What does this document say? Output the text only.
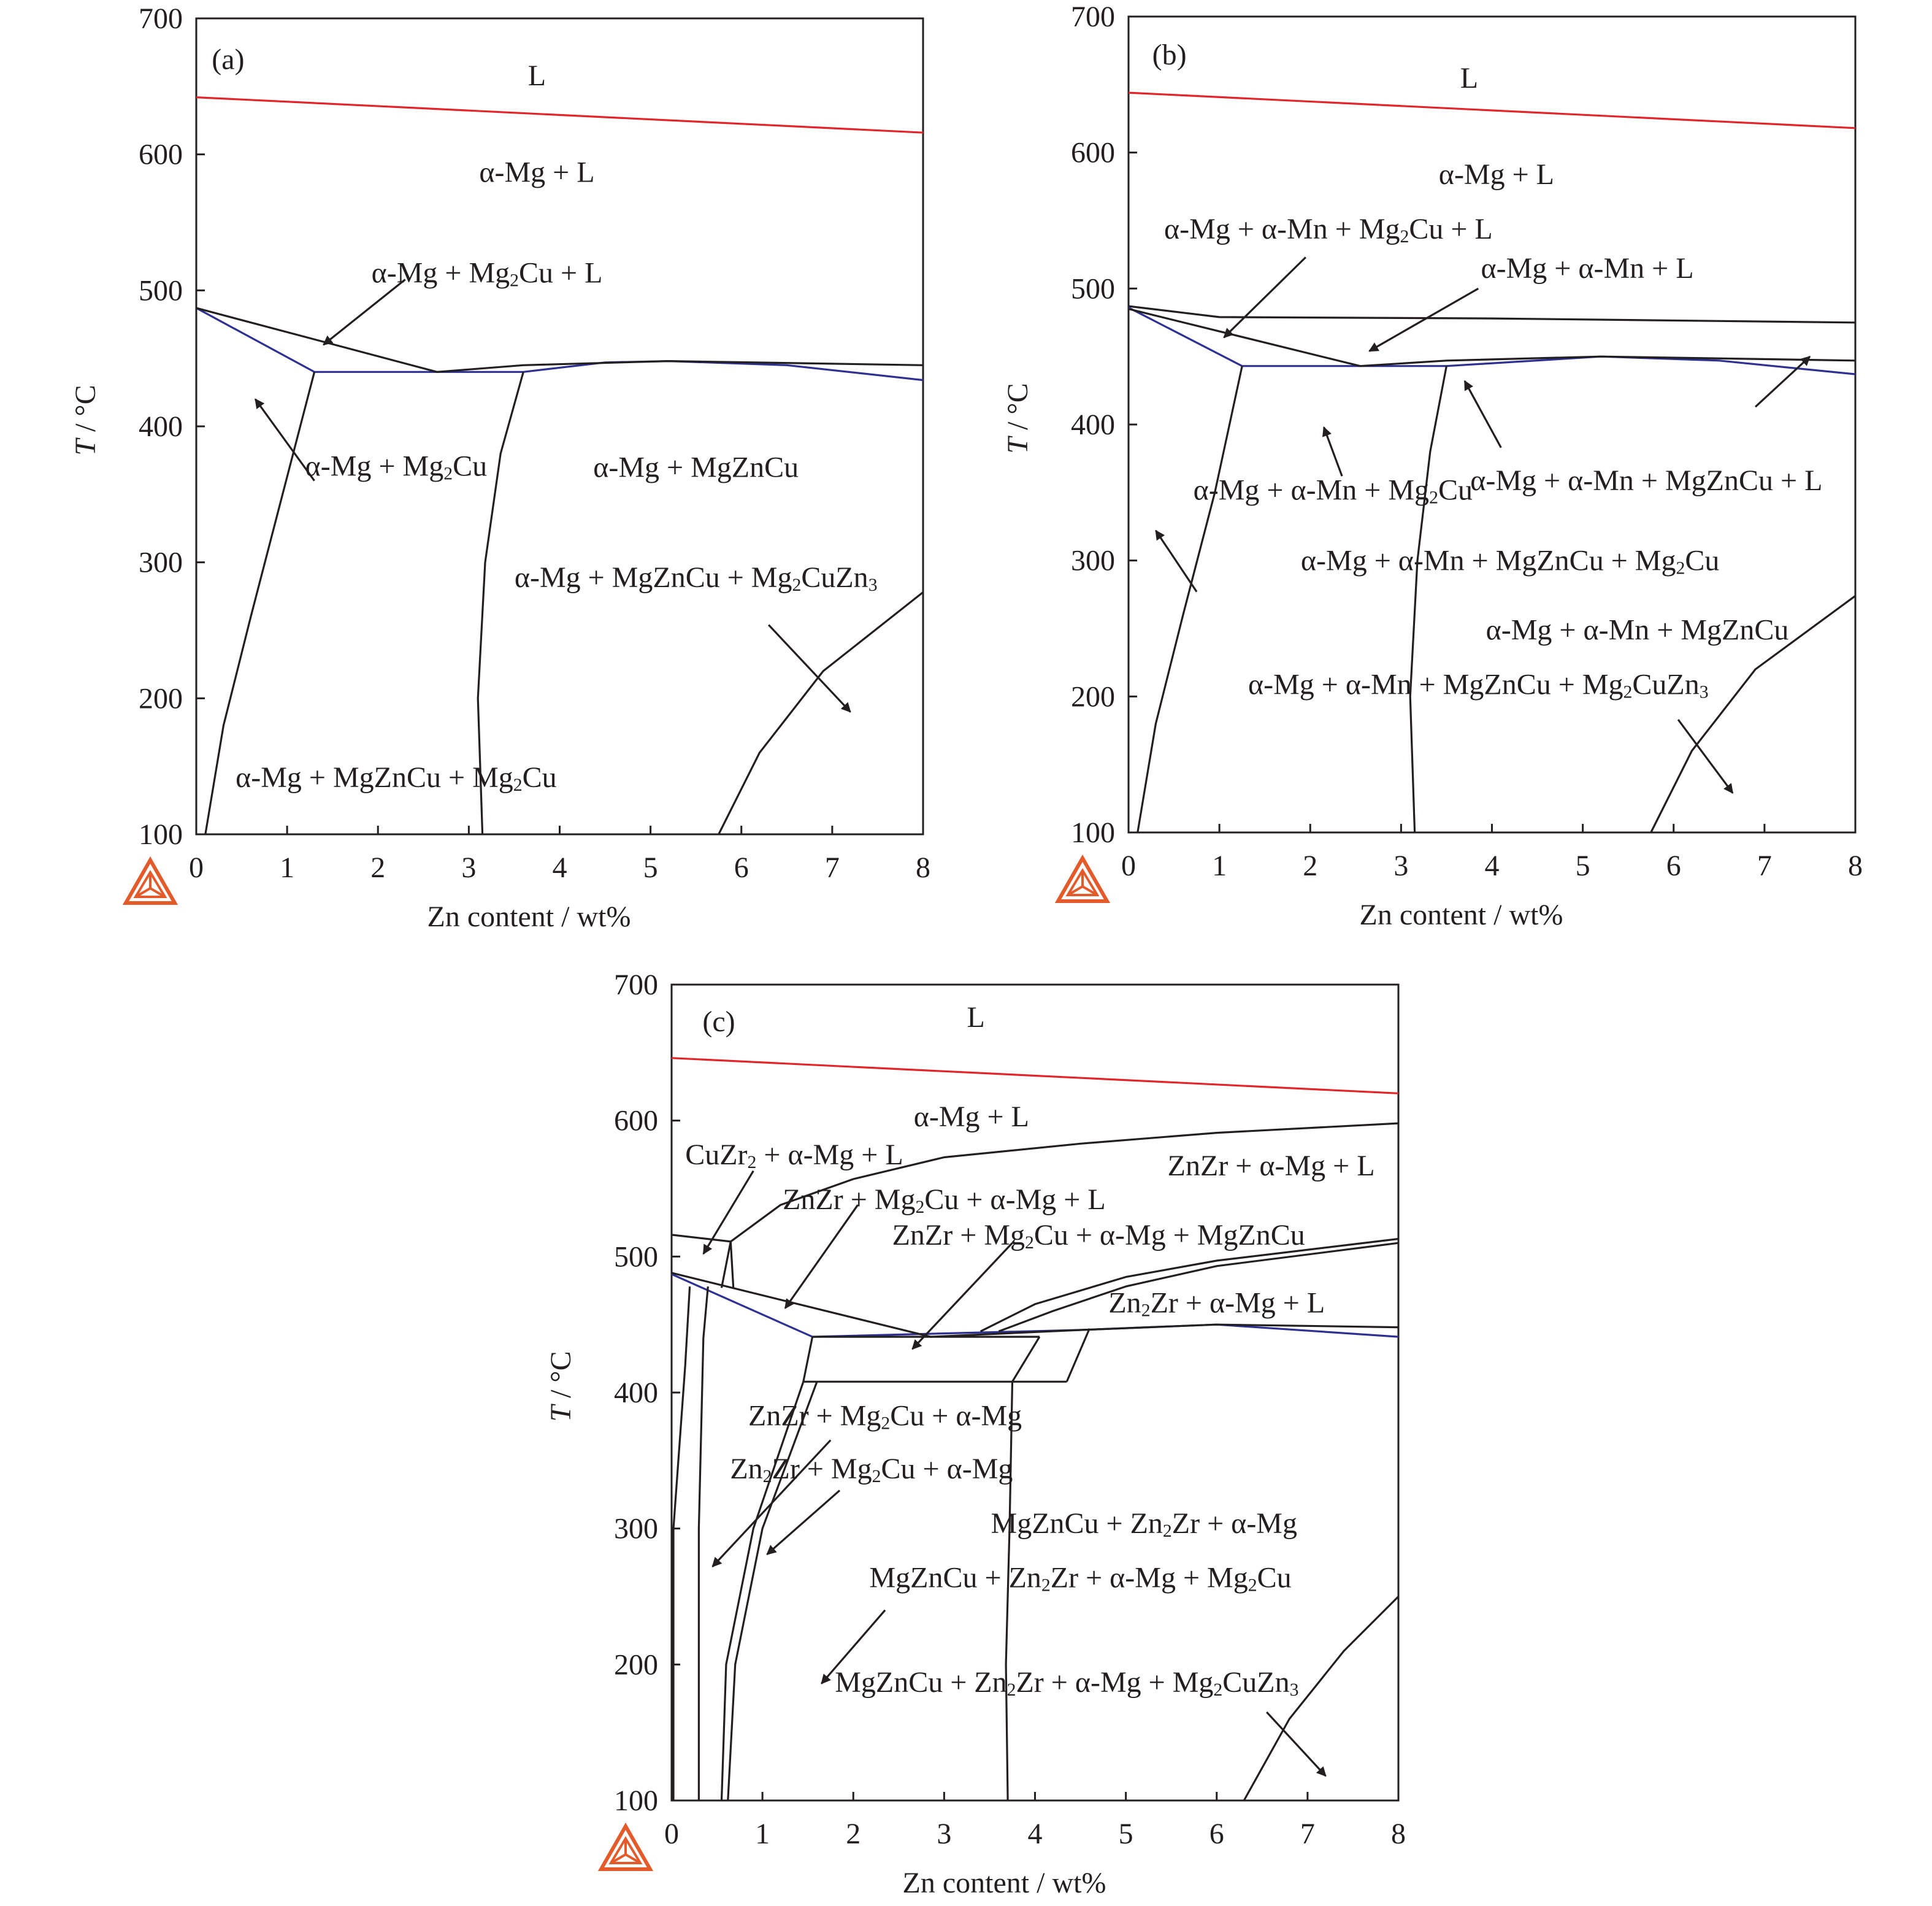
0	1	2	3	4	5	6	7	8
100
200
300
400
500
600
700
Zn content / wt%
T / °C
(a)
L
α-Mg + L
α-Mg + Mg2Cu + L
α-Mg + Mg2Cu	α-Mg + MgZnCu
α-Mg + MgZnCu + Mg2CuZn3
α-Mg + MgZnCu + Mg2Cu
0	1	2	3	4	5	6	7	8
100
200
300
400
500
600
700
Zn content / wt%
T / °C
(b)
L
α-Mg + L
α-Mg + α-Mn + Mg2Cu + L
α-Mg + α-Mn + L
α-Mg + α-Mn + MgZnCu + L
α-Mg + α-Mn + MgZnCu + Mg2Cu
α-Mg + α-Mn + Mg2Cu
α-Mg + α-Mn + MgZnCu
α-Mg + α-Mn + MgZnCu + Mg2CuZn3
0	1	2	3	4	5	6	7	8
100
200
300
400
500
600
700
Zn content / wt%
T / °C
(c)	L
α-Mg + L
CuZr2 + α-Mg + L	ZnZr + α-Mg + L
ZnZr + Mg2Cu + α-Mg + L
ZnZr + Mg2Cu + α-Mg + MgZnCu
Zn2Zr + α-Mg + L
ZnZr + Mg2Cu + α-Mg
Zn2Zr + Mg2Cu + α-Mg
MgZnCu + Zn2Zr + α-Mg
MgZnCu + Zn2Zr + α-Mg + Mg2Cu
MgZnCu + Zn2Zr + α-Mg + Mg2CuZn3
